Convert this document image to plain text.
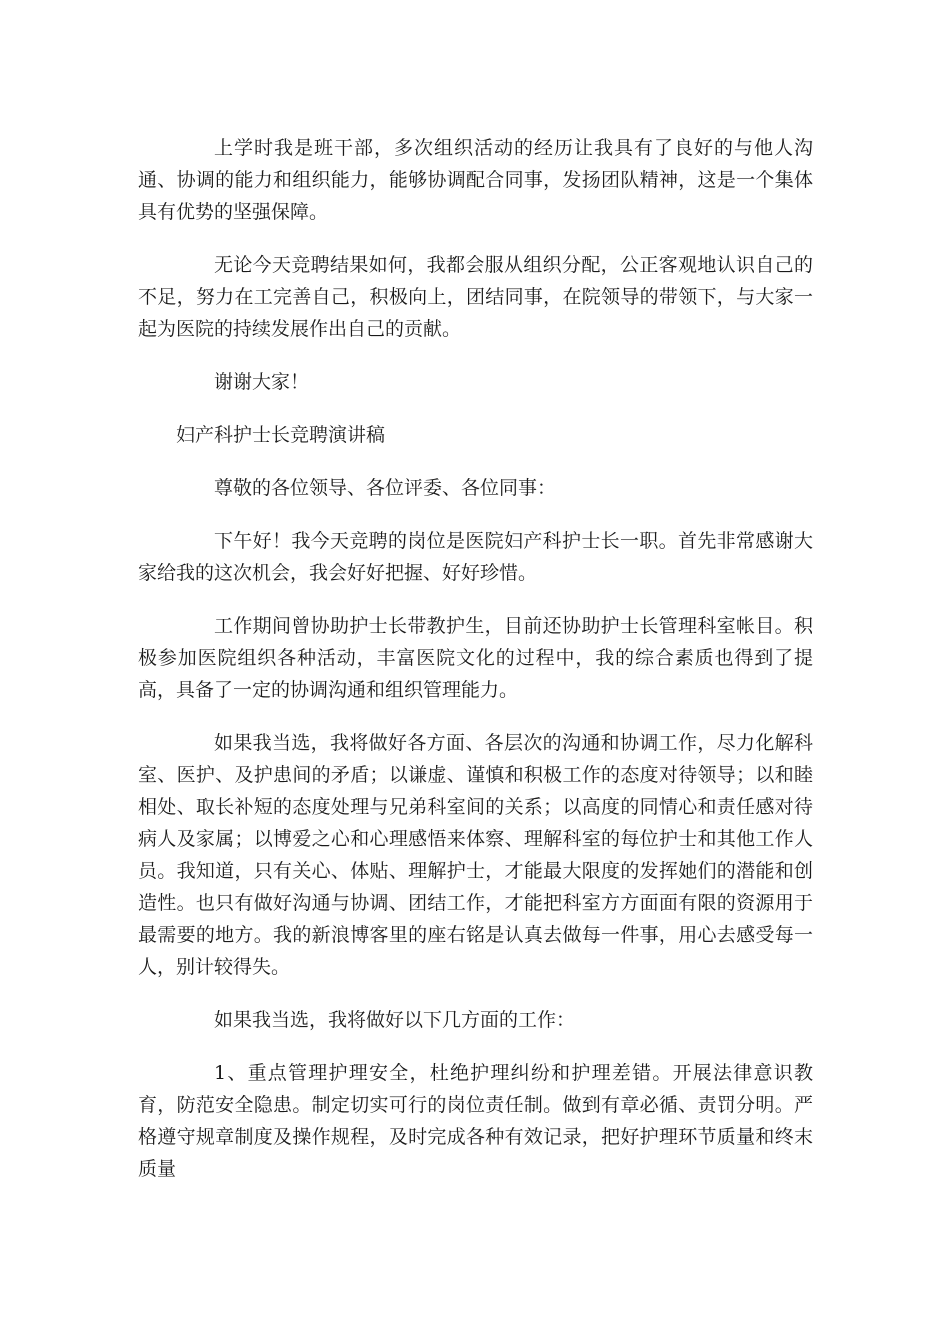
上学时我是班干部，多次组织活动的经历让我具有了良好的与他人沟通、协调的能力和组织能力，能够协调配合同事，发扬团队精神，这是一个集体具有优势的坚强保障。

无论今天竞聘结果如何，我都会服从组织分配，公正客观地认识自己的不足，努力在工完善自己，积极向上，团结同事，在院领导的带领下，与大家一起为医院的持续发展作出自己的贡献。

谢谢大家！

妇产科护士长竞聘演讲稿

尊敬的各位领导、各位评委、各位同事：

下午好！我今天竞聘的岗位是医院妇产科护士长一职。首先非常感谢大家给我的这次机会，我会好好把握、好好珍惜。

工作期间曾协助护士长带教护生，目前还协助护士长管理科室帐目。积极参加医院组织各种活动，丰富医院文化的过程中，我的综合素质也得到了提高，具备了一定的协调沟通和组织管理能力。

如果我当选，我将做好各方面、各层次的沟通和协调工作，尽力化解科室、医护、及护患间的矛盾；以谦虚、谨慎和积极工作的态度对待领导；以和睦相处、取长补短的态度处理与兄弟科室间的关系；以高度的同情心和责任感对待病人及家属；以博爱之心和心理感悟来体察、理解科室的每位护士和其他工作人员。我知道，只有关心、体贴、理解护士，才能最大限度的发挥她们的潜能和创造性。也只有做好沟通与协调、团结工作，才能把科室方方面面有限的资源用于最需要的地方。我的新浪博客里的座右铭是认真去做每一件事，用心去感受每一人，别计较得失。

如果我当选，我将做好以下几方面的工作：

1、重点管理护理安全，杜绝护理纠纷和护理差错。开展法律意识教育，防范安全隐患。制定切实可行的岗位责任制。做到有章必循、责罚分明。严格遵守规章制度及操作规程，及时完成各种有效记录，把好护理环节质量和终末质量
